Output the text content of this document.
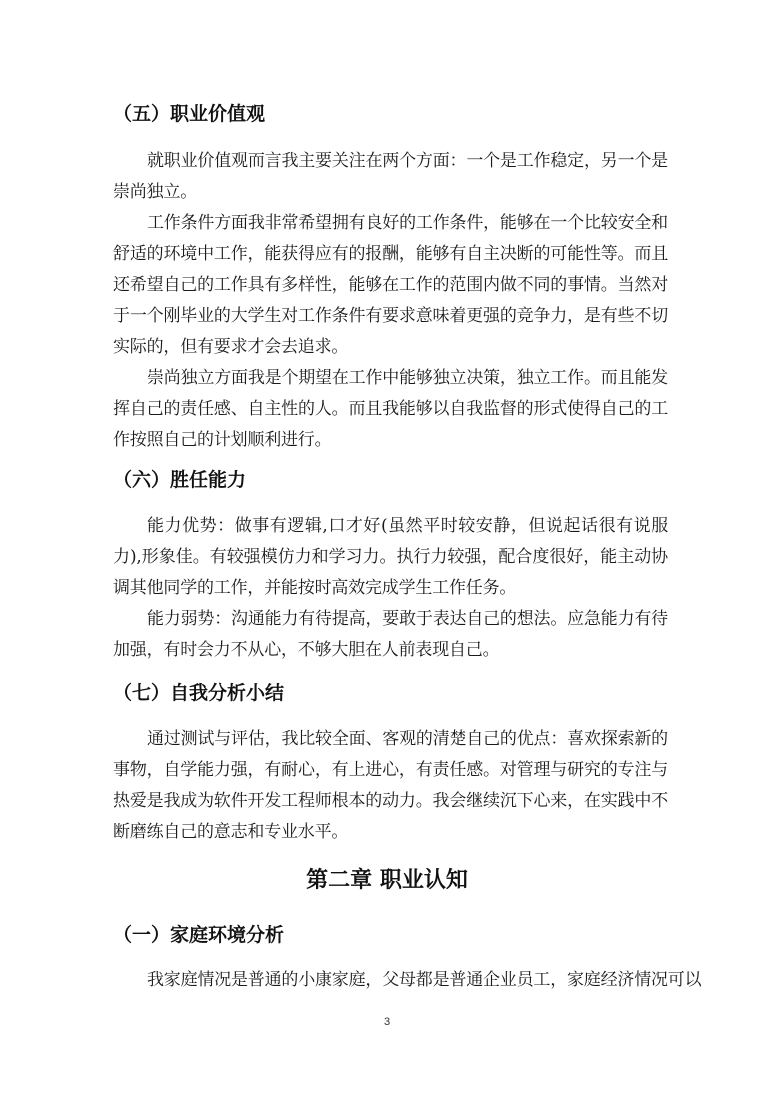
（五）职业价值观

就职业价值观而言我主要关注在两个方面：一个是工作稳定，另一个是崇尚独立。

工作条件方面我非常希望拥有良好的工作条件，能够在一个比较安全和舒适的环境中工作，能获得应有的报酬，能够有自主决断的可能性等。而且还希望自己的工作具有多样性，能够在工作的范围内做不同的事情。当然对于一个刚毕业的大学生对工作条件有要求意味着更强的竞争力，是有些不切实际的，但有要求才会去追求。

崇尚独立方面我是个期望在工作中能够独立决策，独立工作。而且能发挥自己的责任感、自主性的人。而且我能够以自我监督的形式使得自己的工作按照自己的计划顺利进行。

（六）胜任能力

能力优势：做事有逻辑,口才好(虽然平时较安静，但说起话很有说服力),形象佳。有较强模仿力和学习力。执行力较强，配合度很好，能主动协调其他同学的工作，并能按时高效完成学生工作任务。

能力弱势：沟通能力有待提高，要敢于表达自己的想法。应急能力有待加强，有时会力不从心，不够大胆在人前表现自己。

（七）自我分析小结

通过测试与评估，我比较全面、客观的清楚自己的优点：喜欢探索新的事物，自学能力强，有耐心，有上进心，有责任感。对管理与研究的专注与热爱是我成为软件开发工程师根本的动力。我会继续沉下心来，在实践中不断磨练自己的意志和专业水平。

第二章 职业认知
（一）家庭环境分析

我家庭情况是普通的小康家庭，父母都是普通企业员工，家庭经济情况可以

3
